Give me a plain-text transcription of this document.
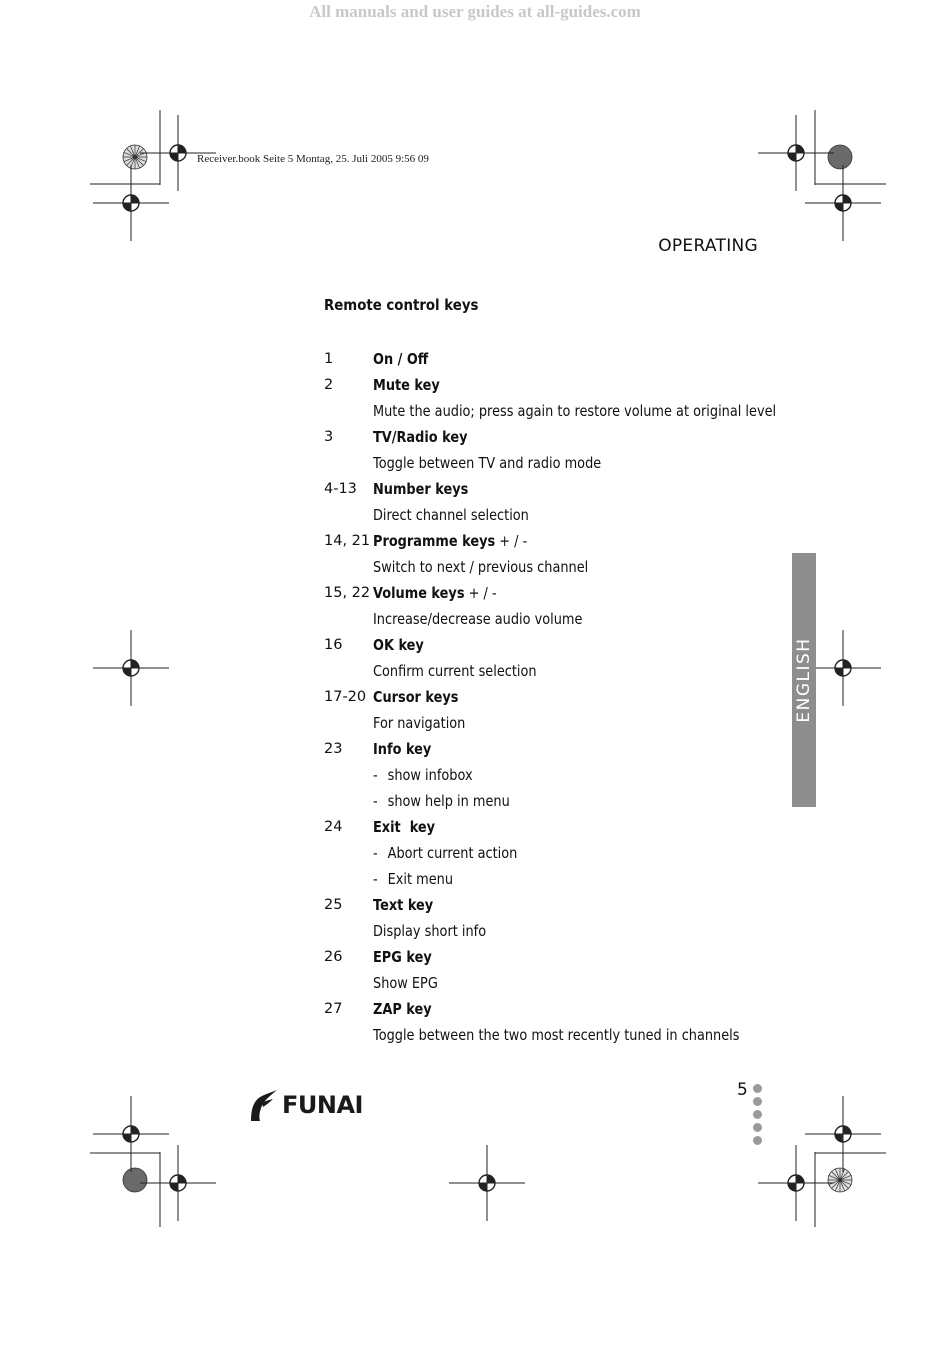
All manuals and user guides at all-guides.com
Receiver.book Seite 5 Montag, 25. Juli 2005 9:56 09
OPERATING
Remote control keys
1	On / Off
2	Mute key
Mute the audio; press again to restore volume at original level
3	TV/Radio key
Toggle between TV and radio mode
4-13	Number keys
Direct channel selection
14, 21 Programme keys + / -
Switch to next / previous channel
15, 22 Volume keys + / -
Increase/decrease audio volume
16	OK key
Confirm current selection
17-20 Cursor keys
For navigation
23	Info key
- show infobox
- show help in menu
24	Exit  key
- Abort current action
- Exit menu
25	Text key
Display short info
26	EPG key
Show EPG
27	ZAP key
Toggle between the two most recently tuned in channels
ENGLISH
FUNAI
5
